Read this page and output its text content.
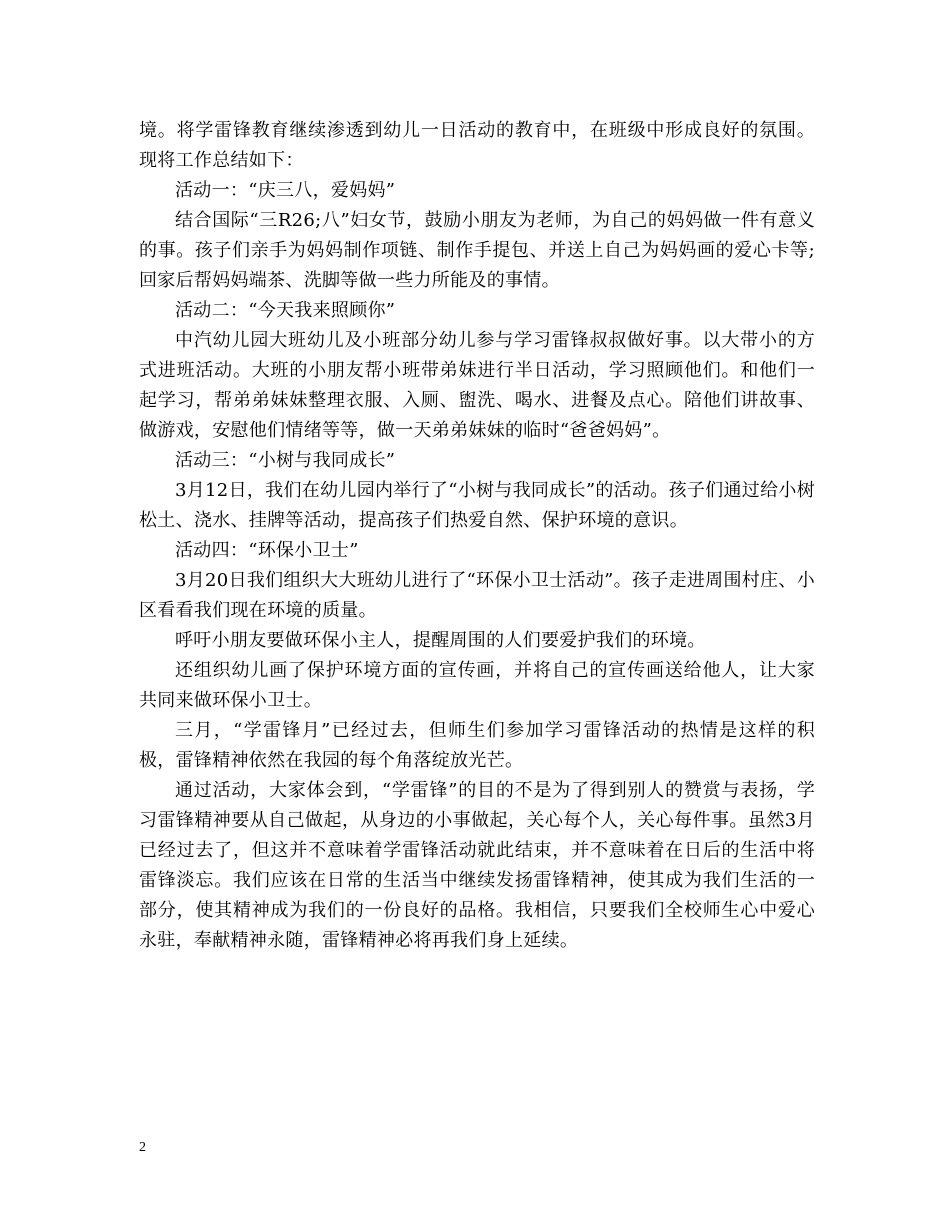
境。将学雷锋教育继续渗透到幼儿一日活动的教育中，在班级中形成良好的氛围。现将工作总结如下：

活动一：“庆三八，爱妈妈”

结合国际“三R26;八”妇女节，鼓励小朋友为老师，为自己的妈妈做一件有意义的事。孩子们亲手为妈妈制作项链、制作手提包、并送上自己为妈妈画的爱心卡等;回家后帮妈妈端茶、洗脚等做一些力所能及的事情。

活动二：“今天我来照顾你”

中汽幼儿园大班幼儿及小班部分幼儿参与学习雷锋叔叔做好事。以大带小的方式进班活动。大班的小朋友帮小班带弟妹进行半日活动，学习照顾他们。和他们一起学习，帮弟弟妹妹整理衣服、入厕、盥洗、喝水、进餐及点心。陪他们讲故事、做游戏，安慰他们情绪等等，做一天弟弟妹妹的临时“爸爸妈妈”。

活动三：“小树与我同成长”

3月12日，我们在幼儿园内举行了“小树与我同成长”的活动。孩子们通过给小树松土、浇水、挂牌等活动，提高孩子们热爱自然、保护环境的意识。

活动四：“环保小卫士”

3月20日我们组织大大班幼儿进行了“环保小卫士活动”。孩子走进周围村庄、小区看看我们现在环境的质量。

呼吁小朋友要做环保小主人，提醒周围的人们要爱护我们的环境。

还组织幼儿画了保护环境方面的宣传画，并将自己的宣传画送给他人，让大家共同来做环保小卫士。

三月，“学雷锋月”已经过去，但师生们参加学习雷锋活动的热情是这样的积极，雷锋精神依然在我园的每个角落绽放光芒。

通过活动，大家体会到，“学雷锋”的目的不是为了得到别人的赞赏与表扬，学习雷锋精神要从自己做起，从身边的小事做起，关心每个人，关心每件事。虽然3月已经过去了，但这并不意味着学雷锋活动就此结束，并不意味着在日后的生活中将雷锋淡忘。我们应该在日常的生活当中继续发扬雷锋精神，使其成为我们生活的一部分，使其精神成为我们的一份良好的品格。我相信，只要我们全校师生心中爱心永驻，奉献精神永随，雷锋精神必将再我们身上延续。

2
